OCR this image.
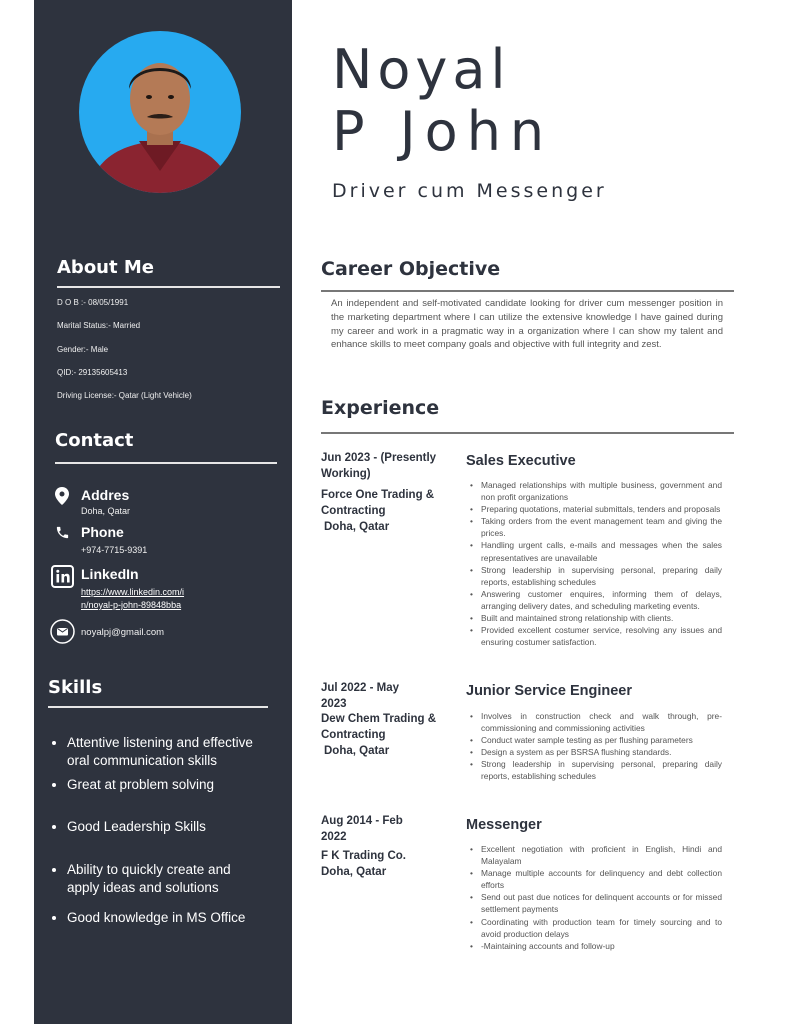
About Me
D O B :- 08/05/1991
Marital Status:- Married
Gender:- Male
QID:- 29135605413
Driving License:- Qatar (Light Vehicle)
Contact
Addres
Doha, Qatar
Phone
+974-7715-9391
LinkedIn
https://www.linkedin.com/i
n/noyal-p-john-89848bba
noyalpj@gmail.com
Skills
Attentive listening and effective oral communication skills
Great at problem solving
Good Leadership Skills
Ability to quickly create and apply ideas and solutions
Good knowledge in MS Office
Noyal
P John
Driver cum Messenger
Career Objective
An independent and self-motivated candidate looking for driver cum messenger position in the marketing department where I can utilize the extensive knowledge I have gained during my career and work in a pragmatic way in a organization where I can show my talent and enhance skills to meet company goals and objective with full integrity and zest.
Experience
Jun 2023 - (Presently Working)
Force One Trading & Contracting
Doha, Qatar
Sales Executive
• Managed relationships with multiple business, government and non profit organizations
• Preparing quotations, material submittals, tenders and proposals
• Taking orders from the event management team and giving the prices.
• Handling urgent calls, e-mails and messages when the sales representatives are unavailable
• Strong leadership in supervising personal, preparing daily reports, establishing schedules
• Answering customer enquires, informing them of delays, arranging delivery dates, and scheduling marketing events.
• Built and maintained strong relationship with clients.
• Provided excellent costumer service, resolving any issues and ensuring costumer satisfaction.
Jul 2022 - May 2023
Dew Chem Trading & Contracting
Doha, Qatar
Junior Service Engineer
• Involves in construction check and walk through, pre-commissioning and commissioning activities
• Conduct water sample testing as per flushing parameters
• Design a system as per BSRSA flushing standards.
• Strong leadership in supervising personal, preparing daily reports, establishing schedules
Aug 2014 - Feb 2022
F K Trading Co.
Doha, Qatar
Messenger
• Excellent negotiation with proficient in English, Hindi and Malayalam
• Manage multiple accounts for delinquency and debt collection efforts
• Send out past due notices for delinquent accounts or for missed settlement payments
• Coordinating with production team for timely sourcing and to avoid production delays
• -Maintaining accounts and follow-up
